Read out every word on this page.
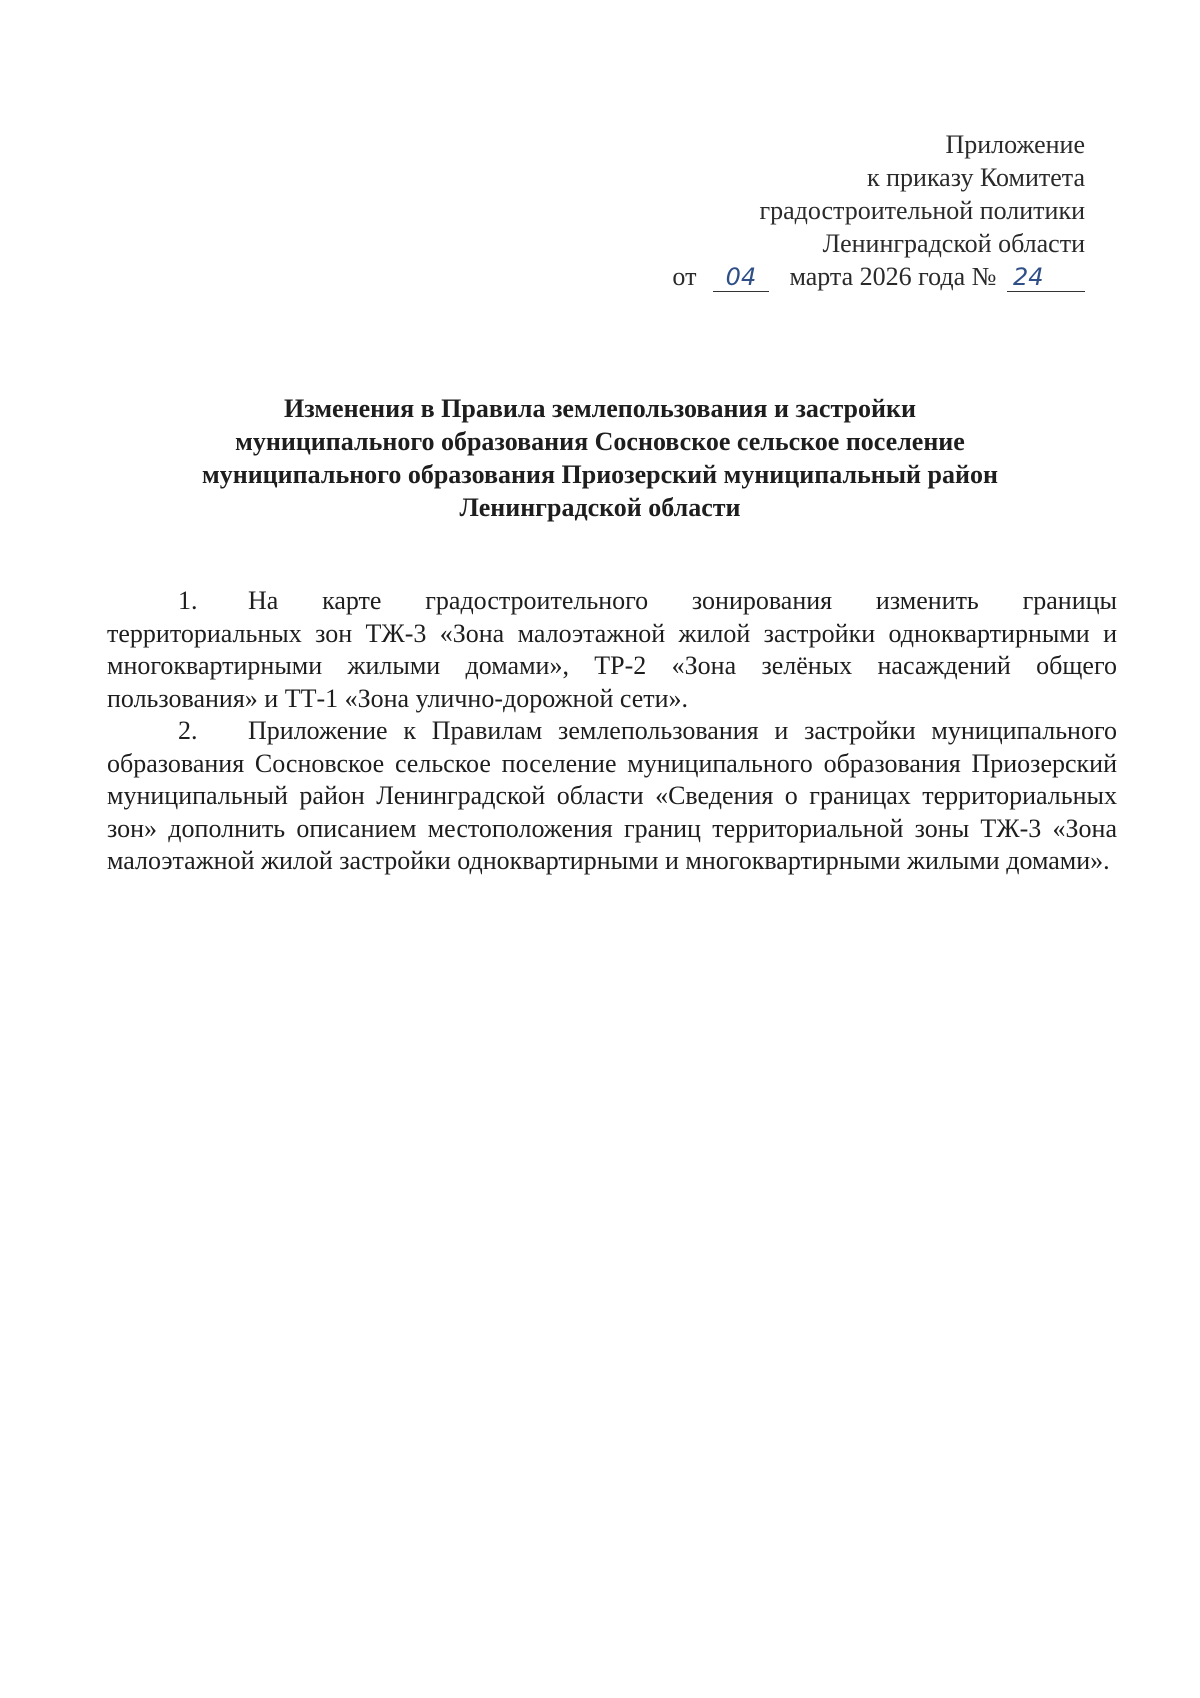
Приложение
к приказу Комитета
градостроительной политики
Ленинградской области
от 04 марта 2026 года № 24
Изменения в Правила землепользования и застройки
муниципального образования Сосновское сельское поселение
муниципального образования Приозерский муниципальный район
Ленинградской области

1. На карте градостроительного зонирования изменить границы территориальных зон ТЖ-3 «Зона малоэтажной жилой застройки одноквартирными и многоквартирными жилыми домами», ТР-2 «Зона зелёных насаждений общего пользования» и ТТ-1 «Зона улично-дорожной сети».

2. Приложение к Правилам землепользования и застройки муниципального образования Сосновское сельское поселение муниципального образования Приозерский муниципальный район Ленинградской области «Сведения о границах территориальных зон» дополнить описанием местоположения границ территориальной зоны ТЖ-3 «Зона малоэтажной жилой застройки одноквартирными и многоквартирными жилыми домами».
